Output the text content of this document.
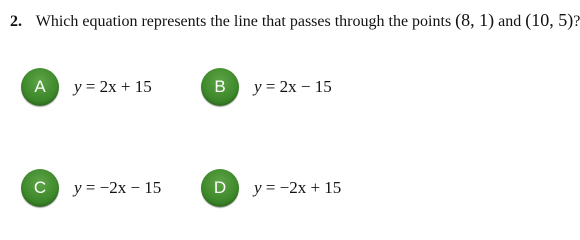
2. Which equation represents the line that passes through the points (8, 1) and (10, 5)?
A	y = 2x + 15	B	y = 2x − 15
C	y = −2x − 15	D	y = −2x + 15
